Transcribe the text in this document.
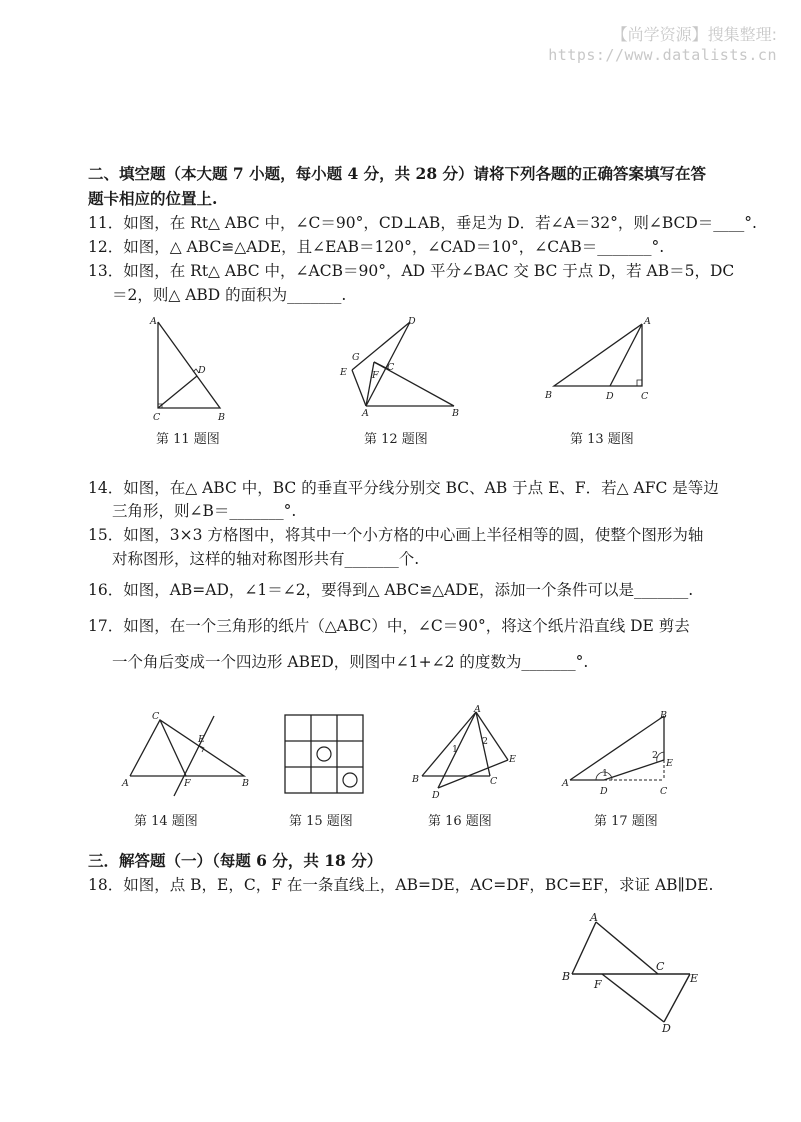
【尚学资源】搜集整理:
https://www.datalists.cn
二、填空题（本大题 7 小题，每小题 4 分，共 28 分）请将下列各题的正确答案填写在答
题卡相应的位置上.
11．如图，在 Rt△ ABC 中，∠C＝90°，CD⊥AB，垂足为 D．若∠A＝32°，则∠BCD＝____°.
12．如图，△ ABC≌△ADE，且∠EAB＝120°，∠CAD＝10°，∠CAB＝_______°.
13．如图，在 Rt△ ABC 中，∠ACB＝90°，AD 平分∠BAC 交 BC 于点 D，若 AB＝5，DC
＝2，则△ ABD 的面积为_______.
A
D
C	B
D
G
E	F
C
A	B
A
B	D	C
第 11 题图	第 12 题图	第 13 题图
14．如图，在△ ABC 中，BC 的垂直平分线分别交 BC、AB 于点 E、F．若△ AFC 是等边
三角形，则∠B＝_______°.
15．如图，3×3 方格图中，将其中一个小方格的中心画上半径相等的圆，使整个图形为轴
对称图形，这样的轴对称图形共有_______个.
16．如图，AB=AD，∠1＝∠2，要得到△ ABC≌△ADE，添加一个条件可以是_______.
17．如图，在一个三角形的纸片（△ABC）中，∠C＝90°，将这个纸片沿直线 DE 剪去
一个角后变成一个四边形 ABED，则图中∠1+∠2 的度数为_______°.
C
E
A	F	B
A
1
2
E
B	C
D
B
2
E
1
A
D	C
第 14 题图	第 15 题图	第 16 题图	第 17 题图
三．解答题（一）（每题 6 分，共 18 分）
18．如图，点 B，E，C，F 在一条直线上，AB=DE，AC=DF，BC=EF，求证 AB∥DE.
A
B
F
C
E
D
